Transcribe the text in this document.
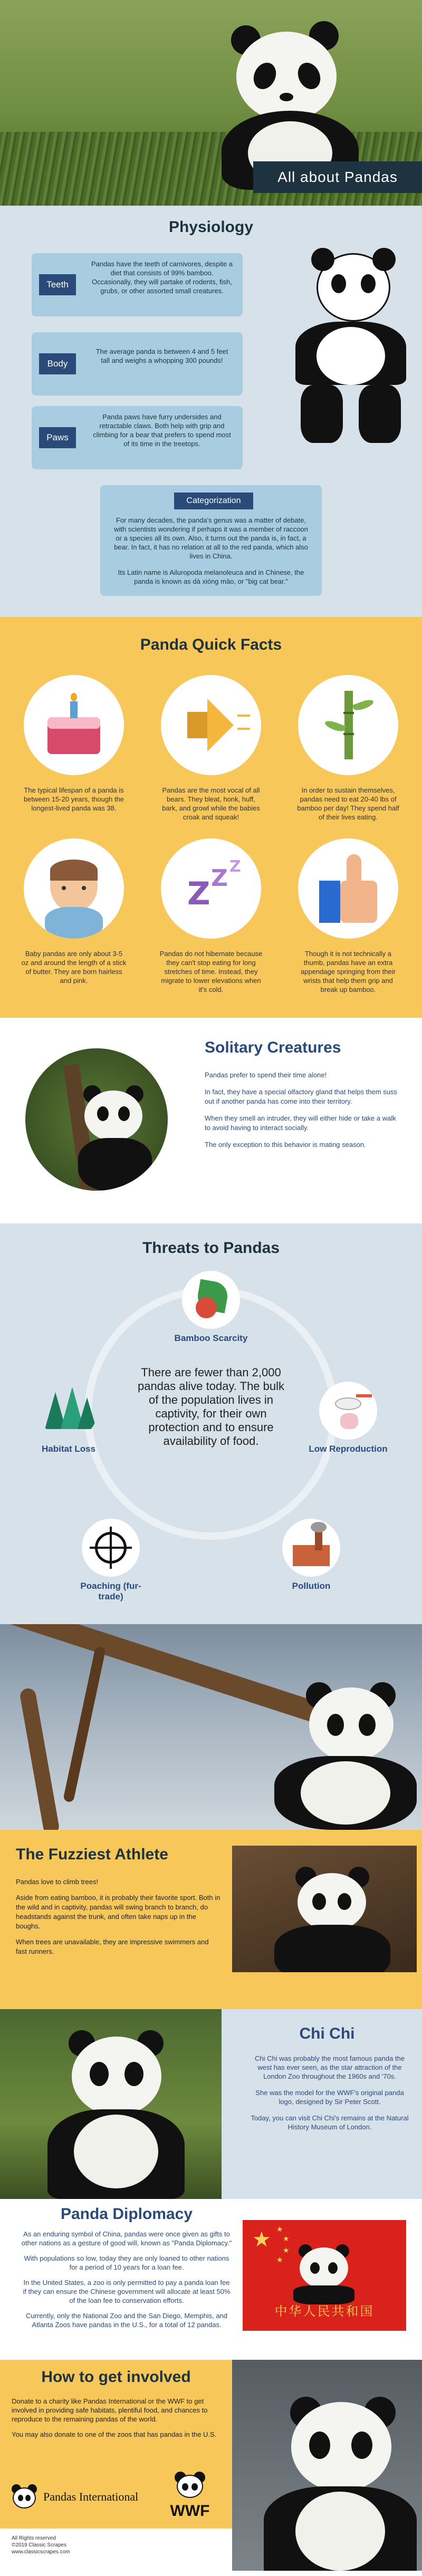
All about Pandas
Physiology
Teeth
Pandas have the teeth of carnivores, despite a diet that consists of 99% bamboo. Occasionally, they will partake of rodents, fish, grubs, or other assorted small creatures.
Body
The average panda is between 4 and 5 feet tall and weighs a whopping 300 pounds!
Paws
Panda paws have furry undersides and retractable claws. Both help with grip and climbing for a bear that prefers to spend most of its time in the treetops.
Categorization

For many decades, the panda's genus was a matter of debate, with scientists wondering if perhaps it was a member of raccoon or a species all its own. Also, it turns out the panda is, in fact, a bear. In fact, it has no relation at all to the red panda, which also lives in China.

Its Latin name is Ailuropoda melanoleuca and in Chinese, the panda is known as dà xióng māo, or "big cat bear."

Panda Quick Facts
The typical lifespan of a panda is between 15-20 years, though the longest-lived panda was 38.
Pandas are the most vocal of all bears. They bleat, honk, huff, bark, and growl while the babies croak and squeak!
In order to sustain themselves, pandas need to eat 20-40 lbs of bamboo per day! They spend half of their lives eating.
Baby pandas are only about 3-5 oz and around the length of a stick of butter. They are born hairless and pink.
Z Z Z
Pandas do not hibernate because they can't stop eating for long stretches of time. Instead, they migrate to lower elevations when it's cold.
Though it is not technically a thumb, pandas have an extra appendage springing from their wrists that help them grip and break up bamboo.
Solitary Creatures

Pandas prefer to spend their time alone!

In fact, they have a special olfactory gland that helps them suss out if another panda has come into their territory.

When they smell an intruder, they will either hide or take a walk to avoid having to interact socially.

The only exception to this behavior is mating season.

Threats to Pandas
There are fewer than 2,000 pandas alive today. The bulk of the population lives in captivity, for their own protection and to ensure availability of food.
Bamboo Scarcity
Low Reproduction
Pollution
Poaching (fur-trade)
Habitat Loss
The Fuzziest Athlete

Pandas love to climb trees!

Aside from eating bamboo, it is probably their favorite sport. Both in the wild and in captivity, pandas will swing branch to branch, do headstands against the trunk, and often take naps up in the boughs.

When trees are unavailable, they are impressive swimmers and fast runners.

Chi Chi

Chi Chi was probably the most famous panda the west has ever seen, as the star attraction of the London Zoo throughout the 1960s and '70s.

She was the model for the WWF's original panda logo, designed by Sir Peter Scott.

Today, you can visit Chi Chi's remains at the Natural History Museum of London.

Panda Diplomacy

As an enduring symbol of China, pandas were once given as gifts to other nations as a gesture of good will, known as "Panda Diplomacy."

With populations so low, today they are only loaned to other nations for a period of 10 years for a loan fee.

In the United States, a zoo is only permitted to pay a panda loan fee if they can ensure the Chinese government will allocate at least 50% of the loan fee to conservation efforts.

Currently, only the National Zoo and the San Diego, Memphis, and Atlanta Zoos have pandas in the U.S., for a total of 12 pandas.

★ ★
★
★
★
中华人民共和国
How to get involved

Donate to a charity like Pandas International or the WWF to get involved in providing safe habitats, plentiful food, and chances to reproduce to the remaining pandas of the world.

You may also donate to one of the zoos that has pandas in the U.S.

Pandas International
WWF
All Rights reserved
©2019 Classic Scrapes
www.classicscrapes.com
